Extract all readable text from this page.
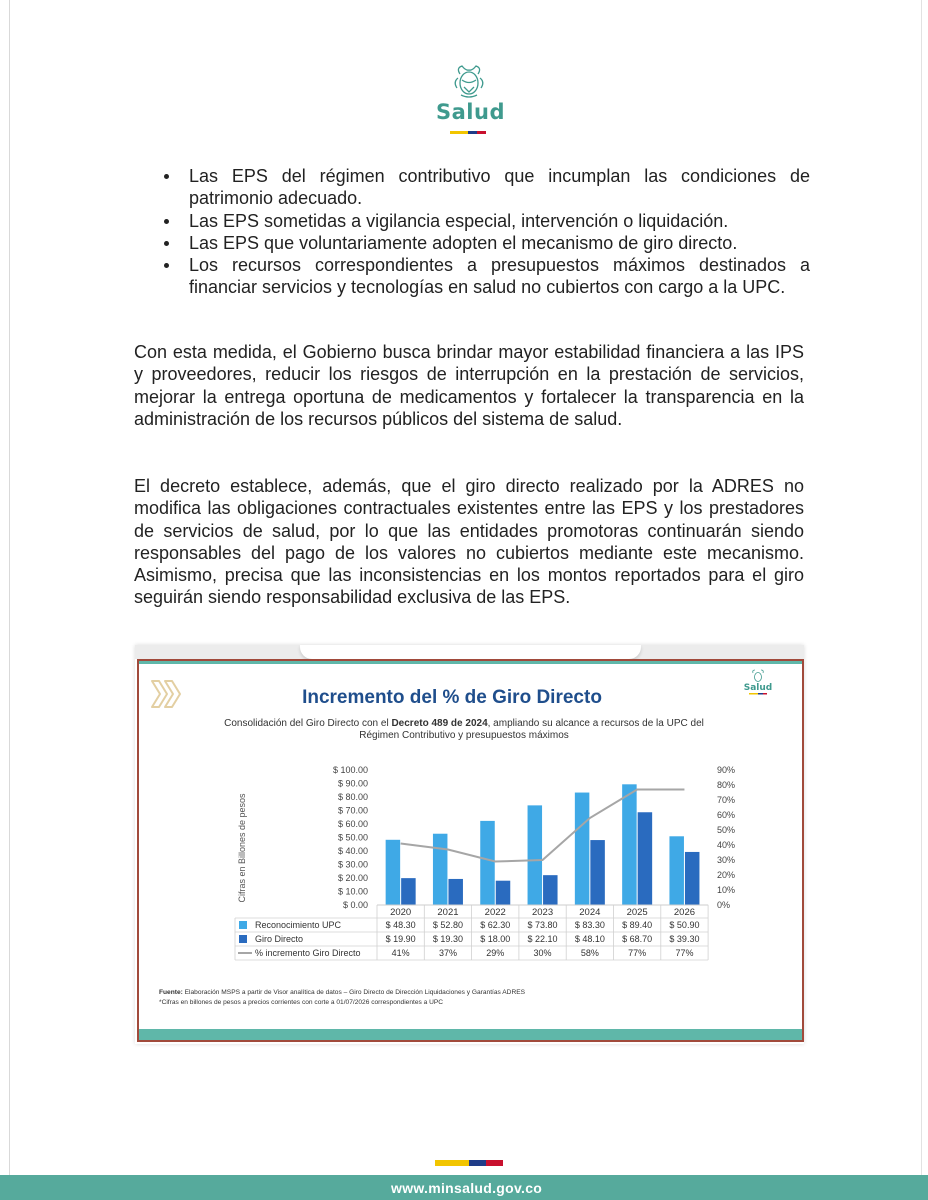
Salud
Las EPS del régimen contributivo que incumplan las condiciones de patrimonio adecuado.
Las EPS sometidas a vigilancia especial, intervención o liquidación.
Las EPS que voluntariamente adopten el mecanismo de giro directo.
Los recursos correspondientes a presupuestos máximos destinados a financiar servicios y tecnologías en salud no cubiertos con cargo a la UPC.

Con esta medida, el Gobierno busca brindar mayor estabilidad financiera a las IPS y proveedores, reducir los riesgos de interrupción en la prestación de servicios, mejorar la entrega oportuna de medicamentos y fortalecer la transparencia en la administración de los recursos públicos del sistema de salud.

El decreto establece, además, que el giro directo realizado por la ADRES no modifica las obligaciones contractuales existentes entre las EPS y los prestadores de servicios de salud, por lo que las entidades promotoras continuarán siendo responsables del pago de los valores no cubiertos mediante este mecanismo. Asimismo, precisa que las inconsistencias en los montos reportados para el giro seguirán siendo responsabilidad exclusiva de las EPS.

Salud
Incremento del % de Giro Directo
Consolidación del Giro Directo con el Decreto 489 de 2024, ampliando su alcance a recursos de la UPC del
Régimen Contributivo y presupuestos máximos
Cifras en Billones de pesos
$ 0.00
$ 10.00
$ 20.00
$ 30.00
$ 40.00
$ 50.00
$ 60.00
$ 70.00
$ 80.00
$ 90.00
$ 100.00
0%
10%
20%
30%
40%
50%
60%
70%
80%
90%
2020	2021	2022	2023	2024	2025	2026
Reconocimiento UPC	$ 48.30 $ 52.80 $ 62.30 $ 73.80 $ 83.30 $ 89.40 $ 50.90
Giro Directo	$ 19.90 $ 19.30 $ 18.00 $ 22.10 $ 48.10 $ 68.70 $ 39.30
% incremento Giro Directo	41%	37%	29%	30%	58%	77%	77%
Fuente: Elaboración MSPS a partir de Visor analítica de datos – Giro Directo de Dirección Liquidaciones y Garantías ADRES
*Cifras en billones de pesos a precios corrientes con corte a 01/07/2026 correspondientes a UPC
www.minsalud.gov.co
